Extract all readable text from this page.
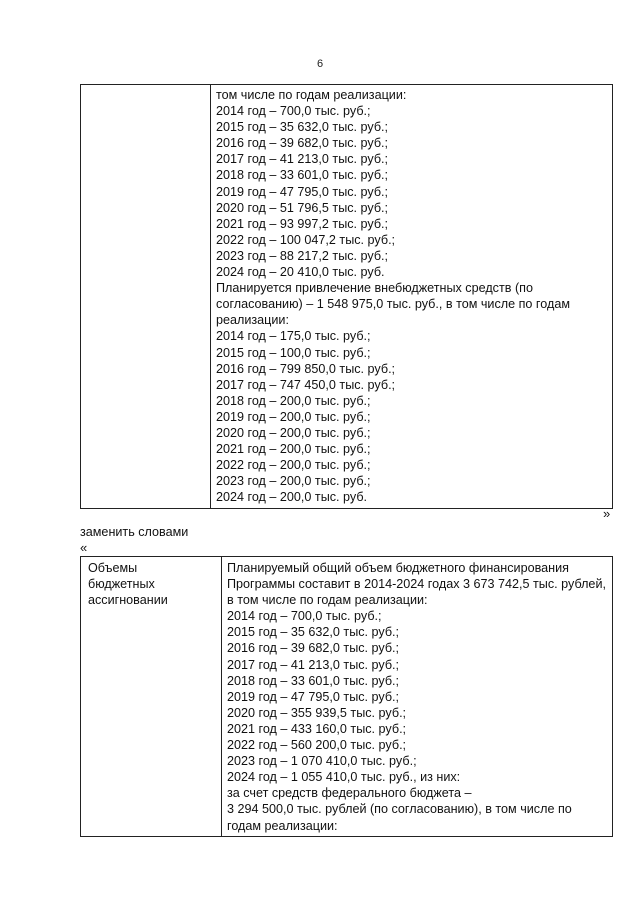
6

том числе по годам реализации:
2014 год – 700,0 тыс. руб.;
2015 год – 35 632,0 тыс. руб.;
2016 год – 39 682,0 тыс. руб.;
2017 год – 41 213,0 тыс. руб.;
2018 год – 33 601,0 тыс. руб.;
2019 год – 47 795,0 тыс. руб.;
2020 год – 51 796,5 тыс. руб.;
2021 год – 93 997,2 тыс. руб.;
2022 год – 100 047,2 тыс. руб.;
2023 год – 88 217,2 тыс. руб.;
2024 год – 20 410,0 тыс. руб.
Планируется привлечение внебюджетных средств (по согласованию) – 1 548 975,0 тыс. руб., в том числе по годам реализации:
2014 год – 175,0 тыс. руб.;
2015 год – 100,0 тыс. руб.;
2016 год – 799 850,0 тыс. руб.;
2017 год – 747 450,0 тыс. руб.;
2018 год – 200,0 тыс. руб.;
2019 год – 200,0 тыс. руб.;
2020 год – 200,0 тыс. руб.;
2021 год – 200,0 тыс. руб.;
2022 год – 200,0 тыс. руб.;
2023 год – 200,0 тыс. руб.;
2024 год – 200,0 тыс. руб.
»
заменить словами
«
Объемы
бюджетных
ассигновании

Планируемый общий объем бюджетного финансирования Программы составит в 2014-2024 годах 3 673 742,5 тыс. рублей, в том числе по годам реализации:
2014 год – 700,0 тыс. руб.;
2015 год – 35 632,0 тыс. руб.;
2016 год – 39 682,0 тыс. руб.;
2017 год – 41 213,0 тыс. руб.;
2018 год – 33 601,0 тыс. руб.;
2019 год – 47 795,0 тыс. руб.;
2020 год – 355 939,5 тыс. руб.;
2021 год – 433 160,0 тыс. руб.;
2022 год – 560 200,0 тыс. руб.;
2023 год – 1 070 410,0 тыс. руб.;
2024 год – 1 055 410,0 тыс. руб., из них:
за счет средств федерального бюджета –
3 294 500,0 тыс. рублей (по согласованию), в том числе по годам реализации:
